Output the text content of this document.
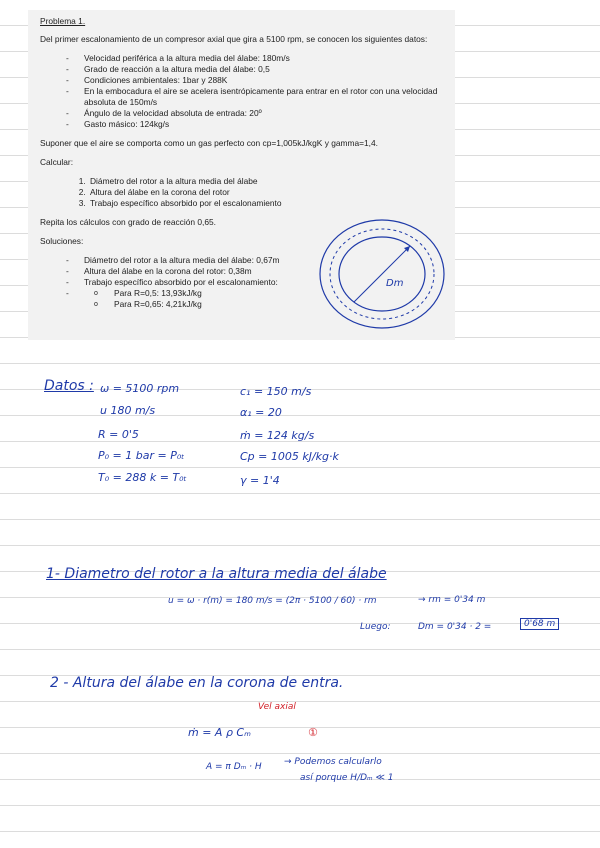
Problema 1.

Del primer escalonamiento de un compresor axial que gira a 5100 rpm, se conocen los siguientes datos:

- Velocidad periférica a la altura media del álabe: 180m/s
- Grado de reacción a la altura media del álabe: 0,5
- Condiciones ambientales: 1bar y 288K
- En la embocadura el aire se acelera isentrópicamente para entrar en el rotor con una velocidad absoluta de 150m/s
- Ángulo de la velocidad absoluta de entrada: 20º
- Gasto másico: 124kg/s

Suponer que el aire se comporta como un gas perfecto con cp=1,005kJ/kgK y gamma=1,4.

Calcular:

1. Diámetro del rotor a la altura media del álabe
2. Altura del álabe en la corona del rotor
3. Trabajo específico absorbido por el escalonamiento

Repita los cálculos con grado de reacción 0,65.

Soluciones:

- Diámetro del rotor a la altura media del álabe: 0,67m
- Altura del álabe en la corona del rotor: 0,38m
- Trabajo específico absorbido por el escalonamiento:
o - Para R=0,5: 13,93kJ/kg
o Para R=0,65: 4,21kJ/kg
Dm
Datos : ω = 5100 rpm
u 180 m/s
R = 0'5
P₀ = 1 bar = P₀ₜ
T₀ = 288 k = T₀ₜ
c₁ = 150 m/s
α₁ = 20
ṁ = 124 kg/s
Cp = 1005 kJ/kg·k
γ = 1'4
1- Diametro del rotor a la altura media del álabe
u = ω · r(m) = 180 m/s = (2π · 5100 / 60) · rm	→ rm = 0'34 m
Luego:	Dm = 0'34 · 2 =	0'68 m
2 - Altura del álabe en la corona de entra.
Vel axial
ṁ = A ρ Cₘ	①
A = π Dₘ · H → Podemos calcularlo
así porque H/Dₘ ≪ 1
